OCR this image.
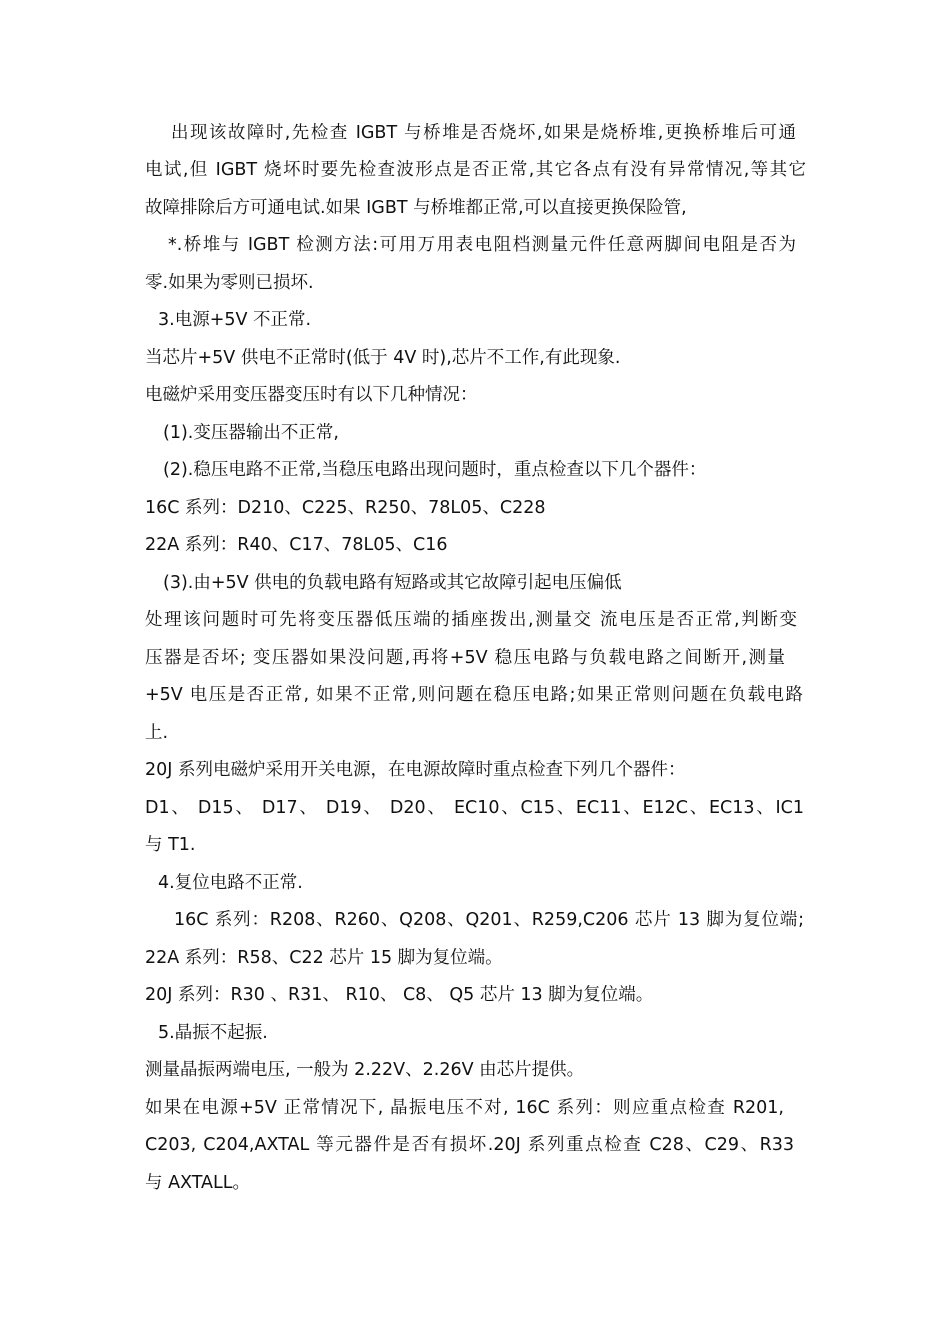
出现该故障时,先检查 IGBT 与桥堆是否烧坏,如果是烧桥堆,更换桥堆后可通
电试,但 IGBT 烧坏时要先检查波形点是否正常,其它各点有没有异常情况,等其它
故障排除后方可通电试.如果 IGBT 与桥堆都正常,可以直接更换保险管,
*.桥堆与 IGBT 检测方法:可用万用表电阻档测量元件任意两脚间电阻是否为
零.如果为零则已损坏.
3.电源+5V 不正常.
当芯片+5V 供电不正常时(低于 4V 时),芯片不工作,有此现象.
电磁炉采用变压器变压时有以下几种情况：
(1).变压器输出不正常,
(2).稳压电路不正常,当稳压电路出现问题时，重点检查以下几个器件：
16C 系列：D210、C225、R250、78L05、C228
22A 系列：R40、C17、78L05、C16
(3).由+5V 供电的负载电路有短路或其它故障引起电压偏低
处理该问题时可先将变压器低压端的插座拨出,测量交 流电压是否正常,判断变
压器是否坏; 变压器如果没问题,再将+5V 稳压电路与负载电路之间断开,测量
+5V 电压是否正常, 如果不正常,则问题在稳压电路;如果正常则问题在负载电路
上.
20J 系列电磁炉采用开关电源，在电源故障时重点检查下列几个器件：
D1、 D15、 D17、 D19、 D20、 EC10、C15、EC11、E12C、EC13、IC1
与 T1.
4.复位电路不正常.
16C 系列：R208、R260、Q208、Q201、R259,C206 芯片 13 脚为复位端;
22A 系列：R58、C22 芯片 15 脚为复位端。
20J 系列：R30 、R31、 R10、 C8、 Q5 芯片 13 脚为复位端。
5.晶振不起振.
测量晶振两端电压, 一般为 2.22V、2.26V 由芯片提供。
如果在电源+5V 正常情况下, 晶振电压不对, 16C 系列：则应重点检查 R201,
C203, C204,AXTAL 等元器件是否有损坏.20J 系列重点检查 C28、C29、R33
与 AXTALL。
